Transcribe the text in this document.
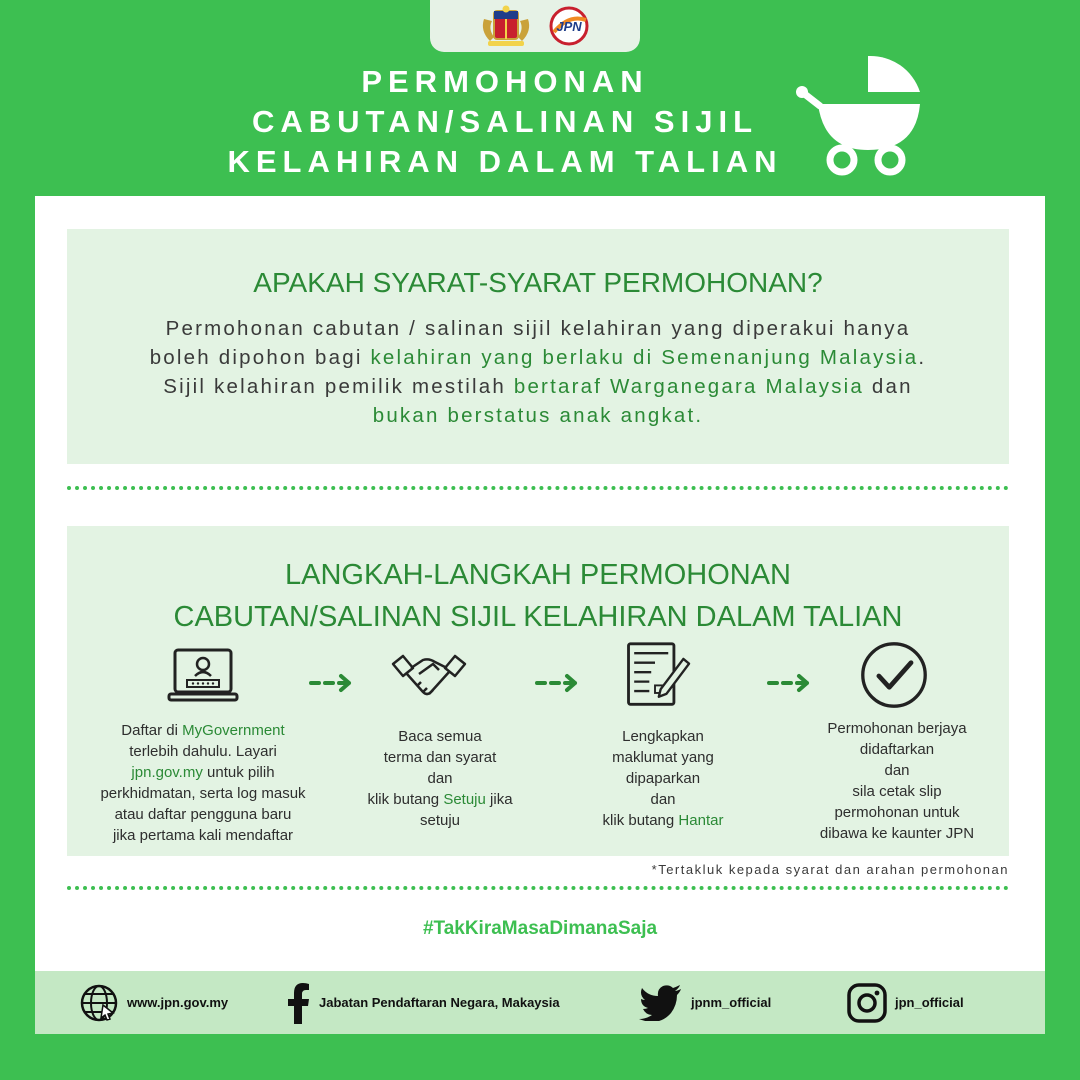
JPN
PERMOHONAN
CABUTAN/SALINAN SIJIL
KELAHIRAN DALAM TALIAN
APAKAH SYARAT-SYARAT PERMOHONAN?
Permohonan cabutan / salinan sijil kelahiran yang diperakui hanya
boleh dipohon bagi kelahiran yang berlaku di Semenanjung Malaysia.
Sijil kelahiran pemilik mestilah bertaraf Warganegara Malaysia dan
bukan berstatus anak angkat.
LANGKAH-LANGKAH PERMOHONAN
CABUTAN/SALINAN SIJIL KELAHIRAN DALAM TALIAN
Daftar di MyGovernment
terlebih dahulu. Layari
jpn.gov.my untuk pilih
perkhidmatan, serta log masuk
atau daftar pengguna baru
jika pertama kali mendaftar
Baca semua
terma dan syarat
dan
klik butang Setuju jika
setuju
Lengkapkan
maklumat yang
dipaparkan
dan
klik butang Hantar
Permohonan berjaya
didaftarkan
dan
sila cetak slip
permohonan untuk
dibawa ke kaunter JPN
*Tertakluk kepada syarat dan arahan permohonan
#TakKiraMasaDimanaSaja
www.jpn.gov.my	Jabatan Pendaftaran Negara, Makaysia	jpnm_official	jpn_official
